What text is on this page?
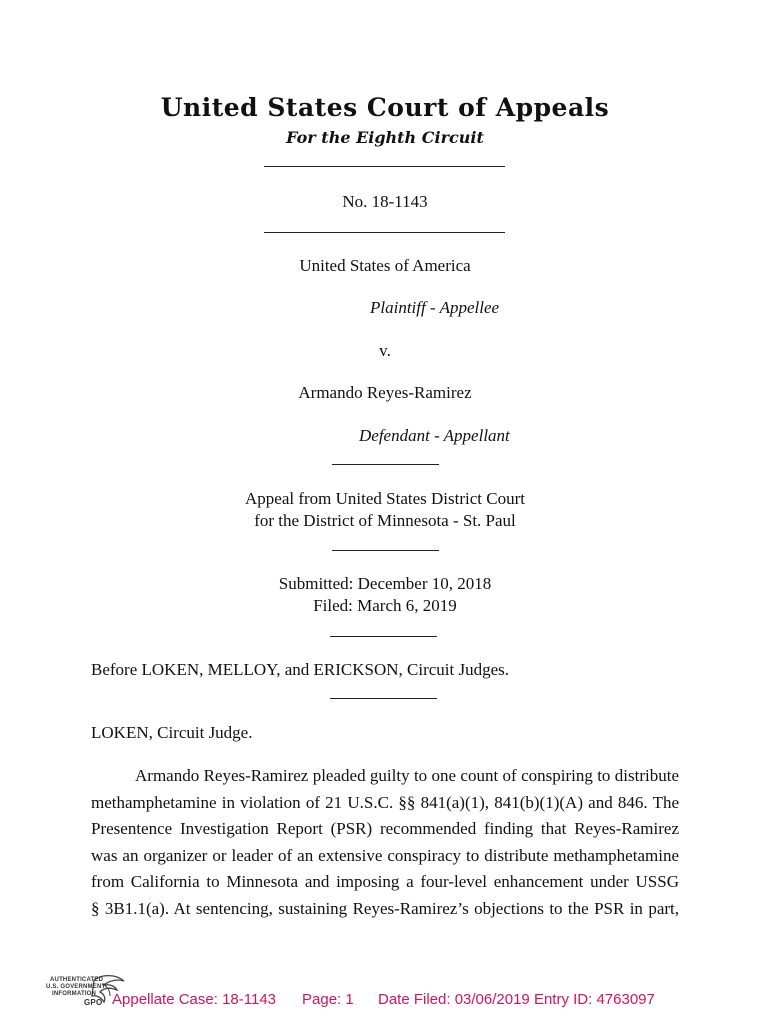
United States Court of Appeals
For the Eighth Circuit
No. 18-1143
United States of America
Plaintiff - Appellee
v.
Armando Reyes-Ramirez
Defendant - Appellant
Appeal from United States District Court
for the District of Minnesota - St. Paul
Submitted: December 10, 2018
Filed: March 6, 2019
Before LOKEN, MELLOY, and ERICKSON, Circuit Judges.
LOKEN, Circuit Judge.
Armando Reyes-Ramirez pleaded guilty to one count of conspiring to distribute
methamphetamine in violation of 21 U.S.C. §§ 841(a)(1), 841(b)(1)(A) and 846. The
Presentence Investigation Report (PSR) recommended finding that Reyes-Ramirez
was an organizer or leader of an extensive conspiracy to distribute methamphetamine
from California to Minnesota and imposing a four-level enhancement under USSG
§ 3B1.1(a). At sentencing, sustaining Reyes-Ramirez’s objections to the PSR in part,
AUTHENTICATED
U.S. GOVERNMENT
INFORMATION
GPO Appellate Case: 18-1143 Page: 1 Date Filed: 03/06/2019 Entry ID: 4763097
